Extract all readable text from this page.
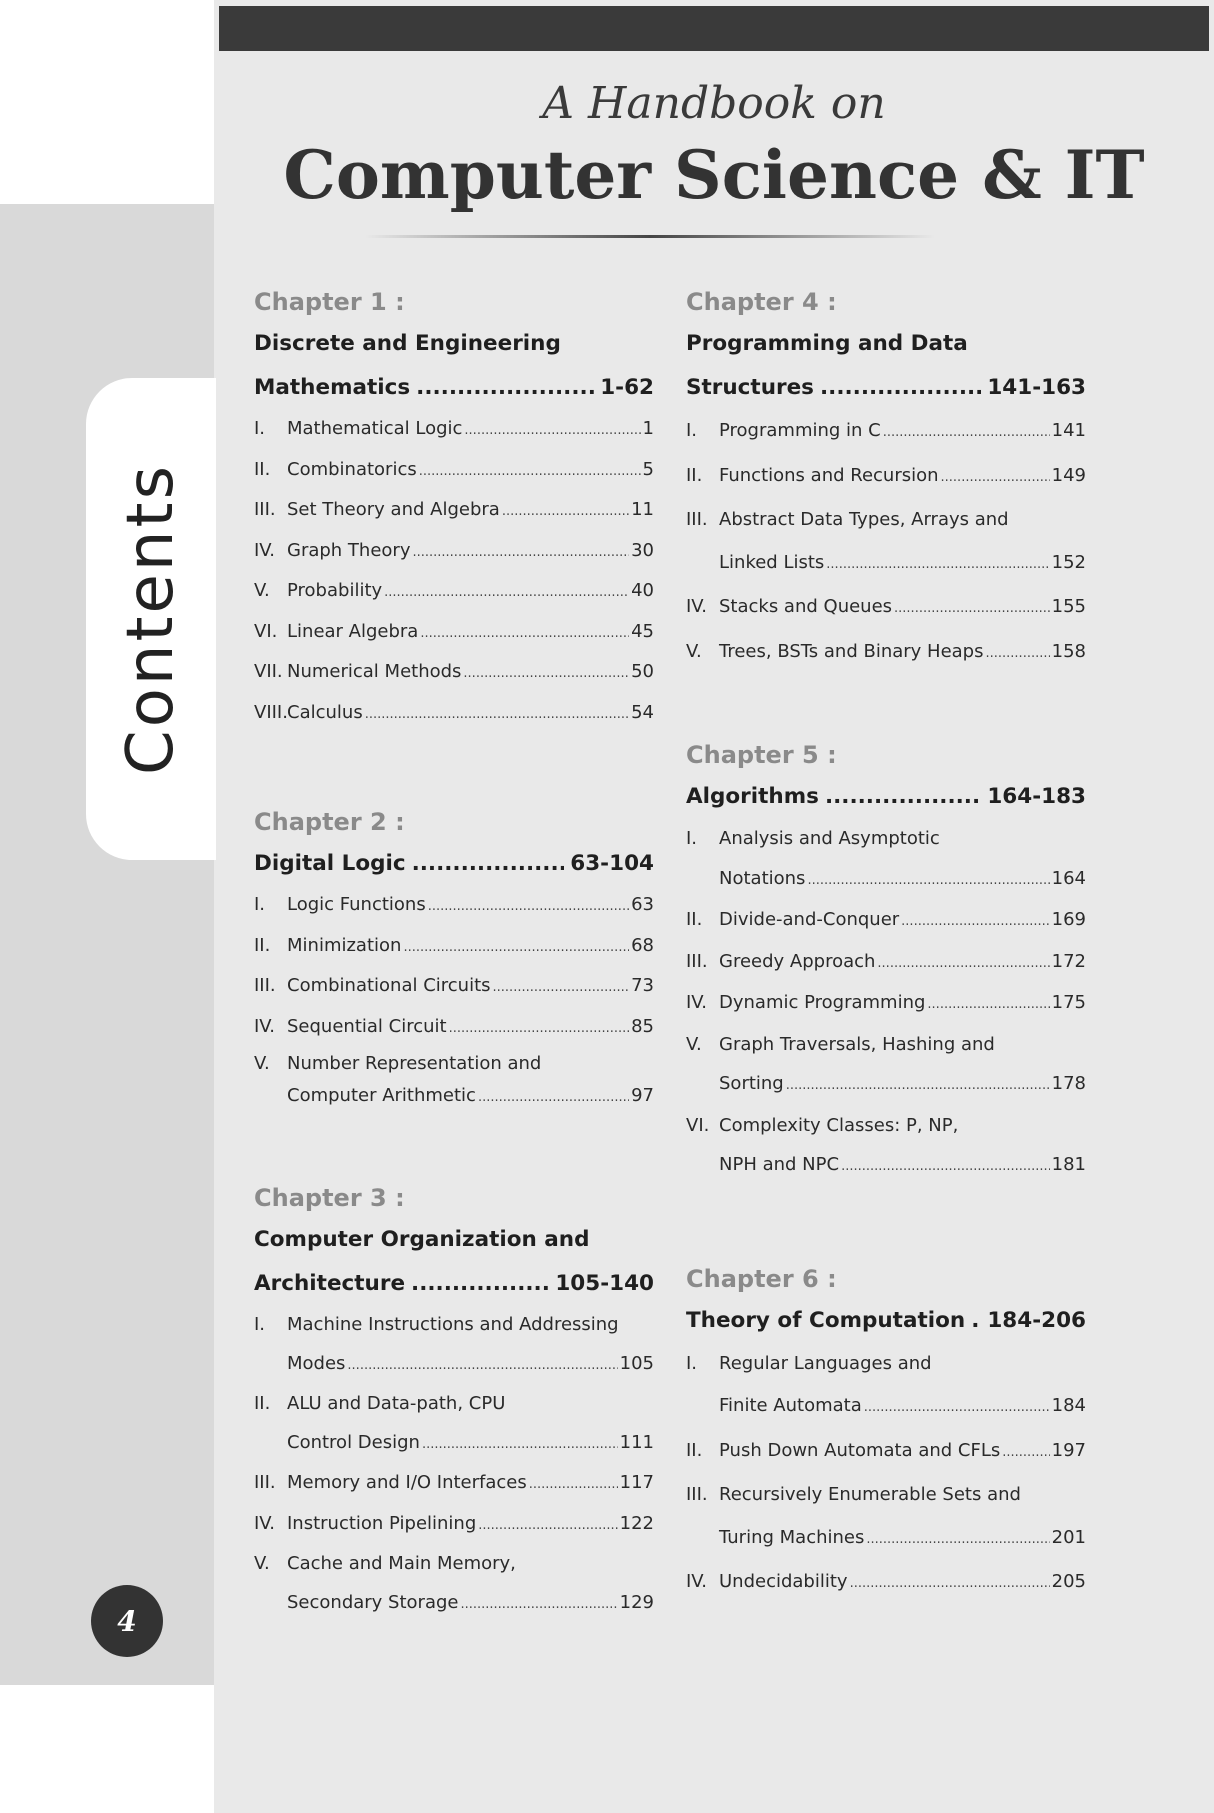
Contents
4
A Handbook on
Computer Science & IT
Chapter 1 :
Discrete and Engineering
Mathematics .....	1-62
I.	Mathematical Logic .....	1
II. Combinatorics .....	5
III. Set Theory and Algebra .....	11
IV. Graph Theory .....	30
V. Probability .....	40
VI. Linear Algebra .....	45
VII. Numerical Methods .....	50
VIII. Calculus .....	54
Chapter 2 :
Digital Logic .....	63-104
I.	Logic Functions .....	63
II. Minimization .....	68
III. Combinational Circuits .....	73
IV. Sequential Circuit .....	85
V. Number Representation and
Computer Arithmetic .....	97
Chapter 3 :
Computer Organization and
Architecture .....	105-140
I.	Machine Instructions and Addressing
Modes .....	105
II. ALU and Data-path, CPU
Control Design .....	111
III. Memory and I/O Interfaces .....	117
IV. Instruction Pipelining .....	122
V. Cache and Main Memory,
Secondary Storage .....	129
Chapter 4 :
Programming and Data
Structures .....	141-163
I.	Programming in C .....	141
II. Functions and Recursion .....	149
III. Abstract Data Types, Arrays and
Linked Lists .....	152
IV. Stacks and Queues .....	155
V. Trees, BSTs and Binary Heaps .....	158
Chapter 5 :
Algorithms .....	164-183
I.	Analysis and Asymptotic
Notations .....	164
II. Divide-and-Conquer .....	169
III. Greedy Approach .....	172
IV. Dynamic Programming .....	175
V. Graph Traversals, Hashing and
Sorting .....	178
VI. Complexity Classes: P, NP,
NPH and NPC .....	181
Chapter 6 :
Theory of Computation ..... 184-206
I.	Regular Languages and
Finite Automata .....	184
II. Push Down Automata and CFLs .....	197
III. Recursively Enumerable Sets and
Turing Machines .....	201
IV. Undecidability .....	205
